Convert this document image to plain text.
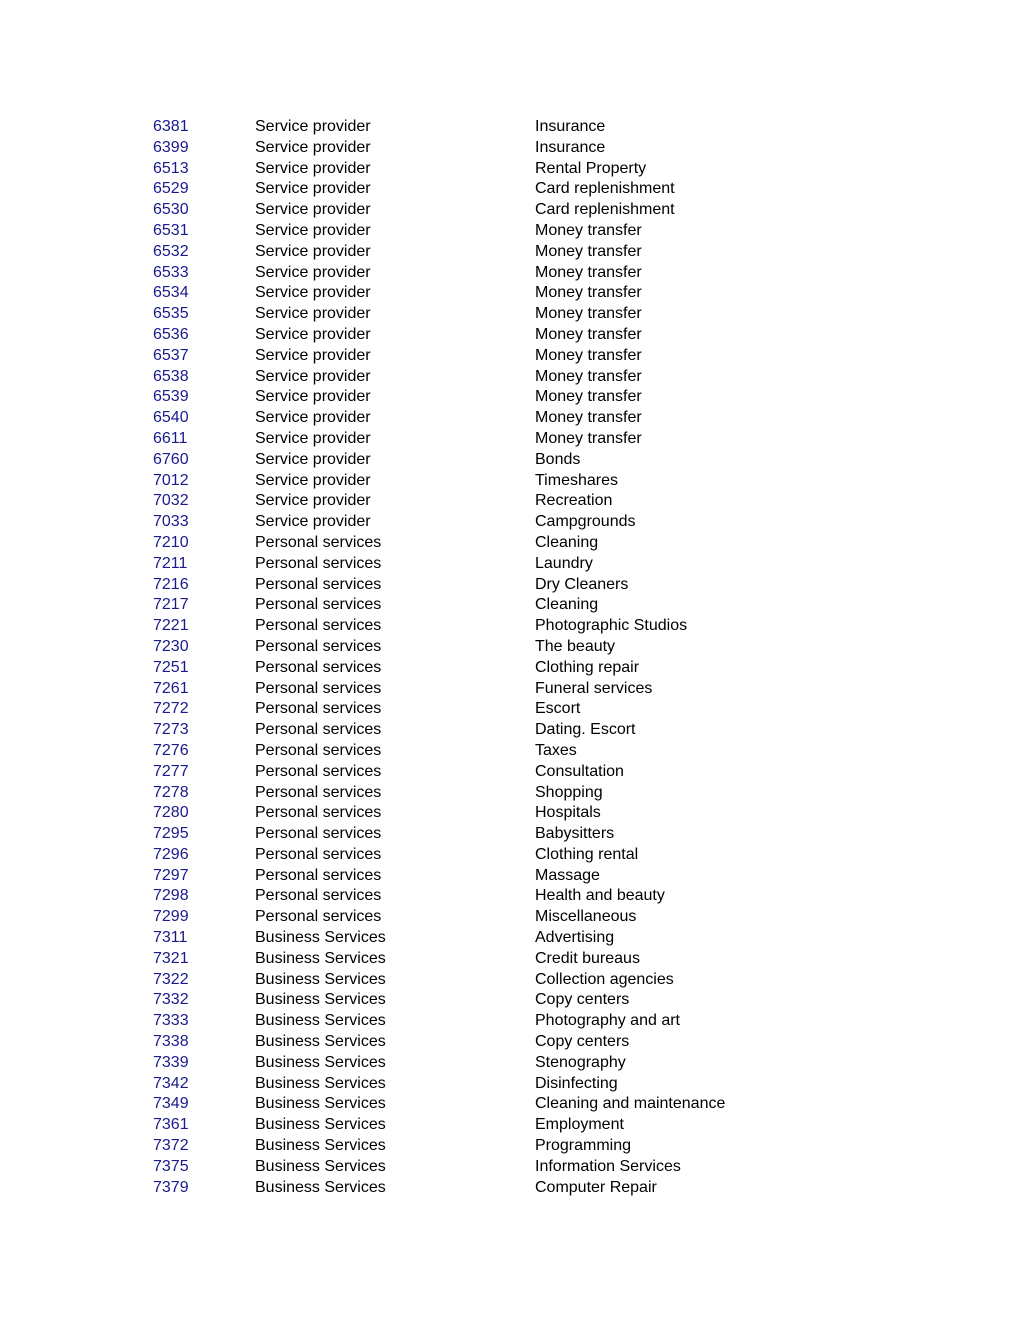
6381	Service provider	Insurance
6399	Service provider	Insurance
6513	Service provider	Rental Property
6529	Service provider	Card replenishment
6530	Service provider	Card replenishment
6531	Service provider	Money transfer
6532	Service provider	Money transfer
6533	Service provider	Money transfer
6534	Service provider	Money transfer
6535	Service provider	Money transfer
6536	Service provider	Money transfer
6537	Service provider	Money transfer
6538	Service provider	Money transfer
6539	Service provider	Money transfer
6540	Service provider	Money transfer
6611	Service provider	Money transfer
6760	Service provider	Bonds
7012	Service provider	Timeshares
7032	Service provider	Recreation
7033	Service provider	Campgrounds
7210	Personal services	Cleaning
7211	Personal services	Laundry
7216	Personal services	Dry Cleaners
7217	Personal services	Cleaning
7221	Personal services	Photographic Studios
7230	Personal services	The beauty
7251	Personal services	Clothing repair
7261	Personal services	Funeral services
7272	Personal services	Escort
7273	Personal services	Dating. Escort
7276	Personal services	Taxes
7277	Personal services	Consultation
7278	Personal services	Shopping
7280	Personal services	Hospitals
7295	Personal services	Babysitters
7296	Personal services	Clothing rental
7297	Personal services	Massage
7298	Personal services	Health and beauty
7299	Personal services	Miscellaneous
7311	Business Services	Advertising
7321	Business Services	Credit bureaus
7322	Business Services	Collection agencies
7332	Business Services	Copy centers
7333	Business Services	Photography and art
7338	Business Services	Copy centers
7339	Business Services	Stenography
7342	Business Services	Disinfecting
7349	Business Services	Cleaning and maintenance
7361	Business Services	Employment
7372	Business Services	Programming
7375	Business Services	Information Services
7379	Business Services	Computer Repair
